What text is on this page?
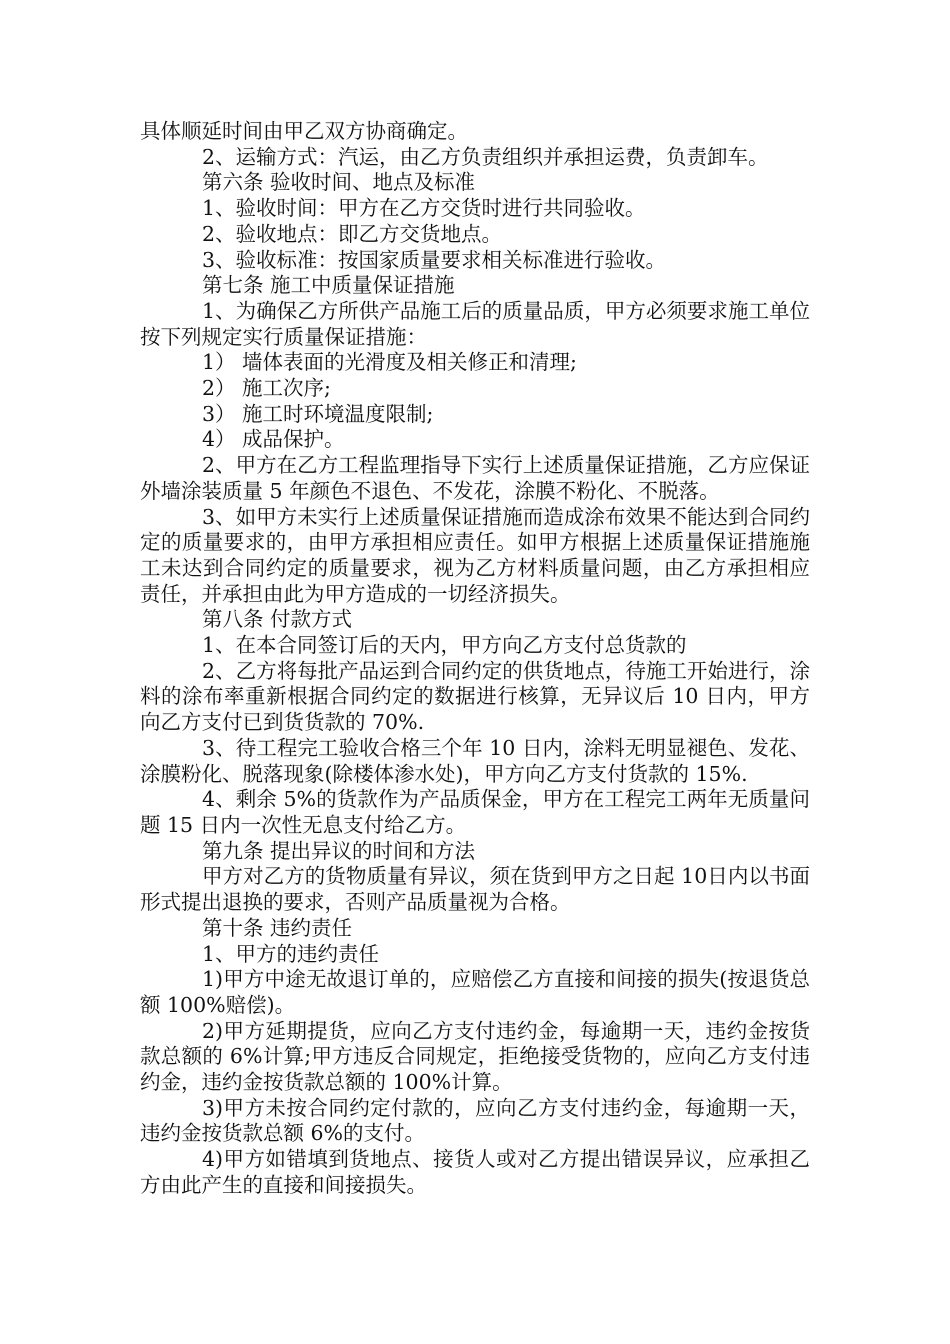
具体顺延时间由甲乙双方协商确定。

2、运输方式：汽运，由乙方负责组织并承担运费，负责卸车。

第六条 验收时间、地点及标准

1、验收时间：甲方在乙方交货时进行共同验收。

2、验收地点：即乙方交货地点。

3、验收标准：按国家质量要求相关标准进行验收。

第七条 施工中质量保证措施

1、为确保乙方所供产品施工后的质量品质，甲方必须要求施工单位按下列规定实行质量保证措施：

1） 墙体表面的光滑度及相关修正和清理;

2） 施工次序;

3） 施工时环境温度限制;

4） 成品保护。

2、甲方在乙方工程监理指导下实行上述质量保证措施，乙方应保证外墙涂装质量 5 年颜色不退色、不发花，涂膜不粉化、不脱落。

3、如甲方未实行上述质量保证措施而造成涂布效果不能达到合同约定的质量要求的，由甲方承担相应责任。如甲方根据上述质量保证措施施工未达到合同约定的质量要求，视为乙方材料质量问题，由乙方承担相应责任，并承担由此为甲方造成的一切经济损失。

第八条 付款方式

1、在本合同签订后的天内，甲方向乙方支付总货款的

2、乙方将每批产品运到合同约定的供货地点，待施工开始进行，涂料的涂布率重新根据合同约定的数据进行核算，无异议后 10 日内，甲方向乙方支付已到货货款的 70%.

3、待工程完工验收合格三个年 10 日内，涂料无明显褪色、发花、涂膜粉化、脱落现象(除楼体渗水处)，甲方向乙方支付货款的 15%.

4、剩余 5%的货款作为产品质保金，甲方在工程完工两年无质量问题 15 日内一次性无息支付给乙方。

第九条 提出异议的时间和方法

甲方对乙方的货物质量有异议，须在货到甲方之日起 10日内以书面形式提出退换的要求，否则产品质量视为合格。

第十条 违约责任

1、甲方的违约责任

1)甲方中途无故退订单的，应赔偿乙方直接和间接的损失(按退货总额 100%赔偿)。

2)甲方延期提货，应向乙方支付违约金，每逾期一天，违约金按货款总额的 6%计算;甲方违反合同规定，拒绝接受货物的，应向乙方支付违约金，违约金按货款总额的 100%计算。

3)甲方未按合同约定付款的，应向乙方支付违约金，每逾期一天，违约金按货款总额 6%的支付。

4)甲方如错填到货地点、接货人或对乙方提出错误异议，应承担乙方由此产生的直接和间接损失。
